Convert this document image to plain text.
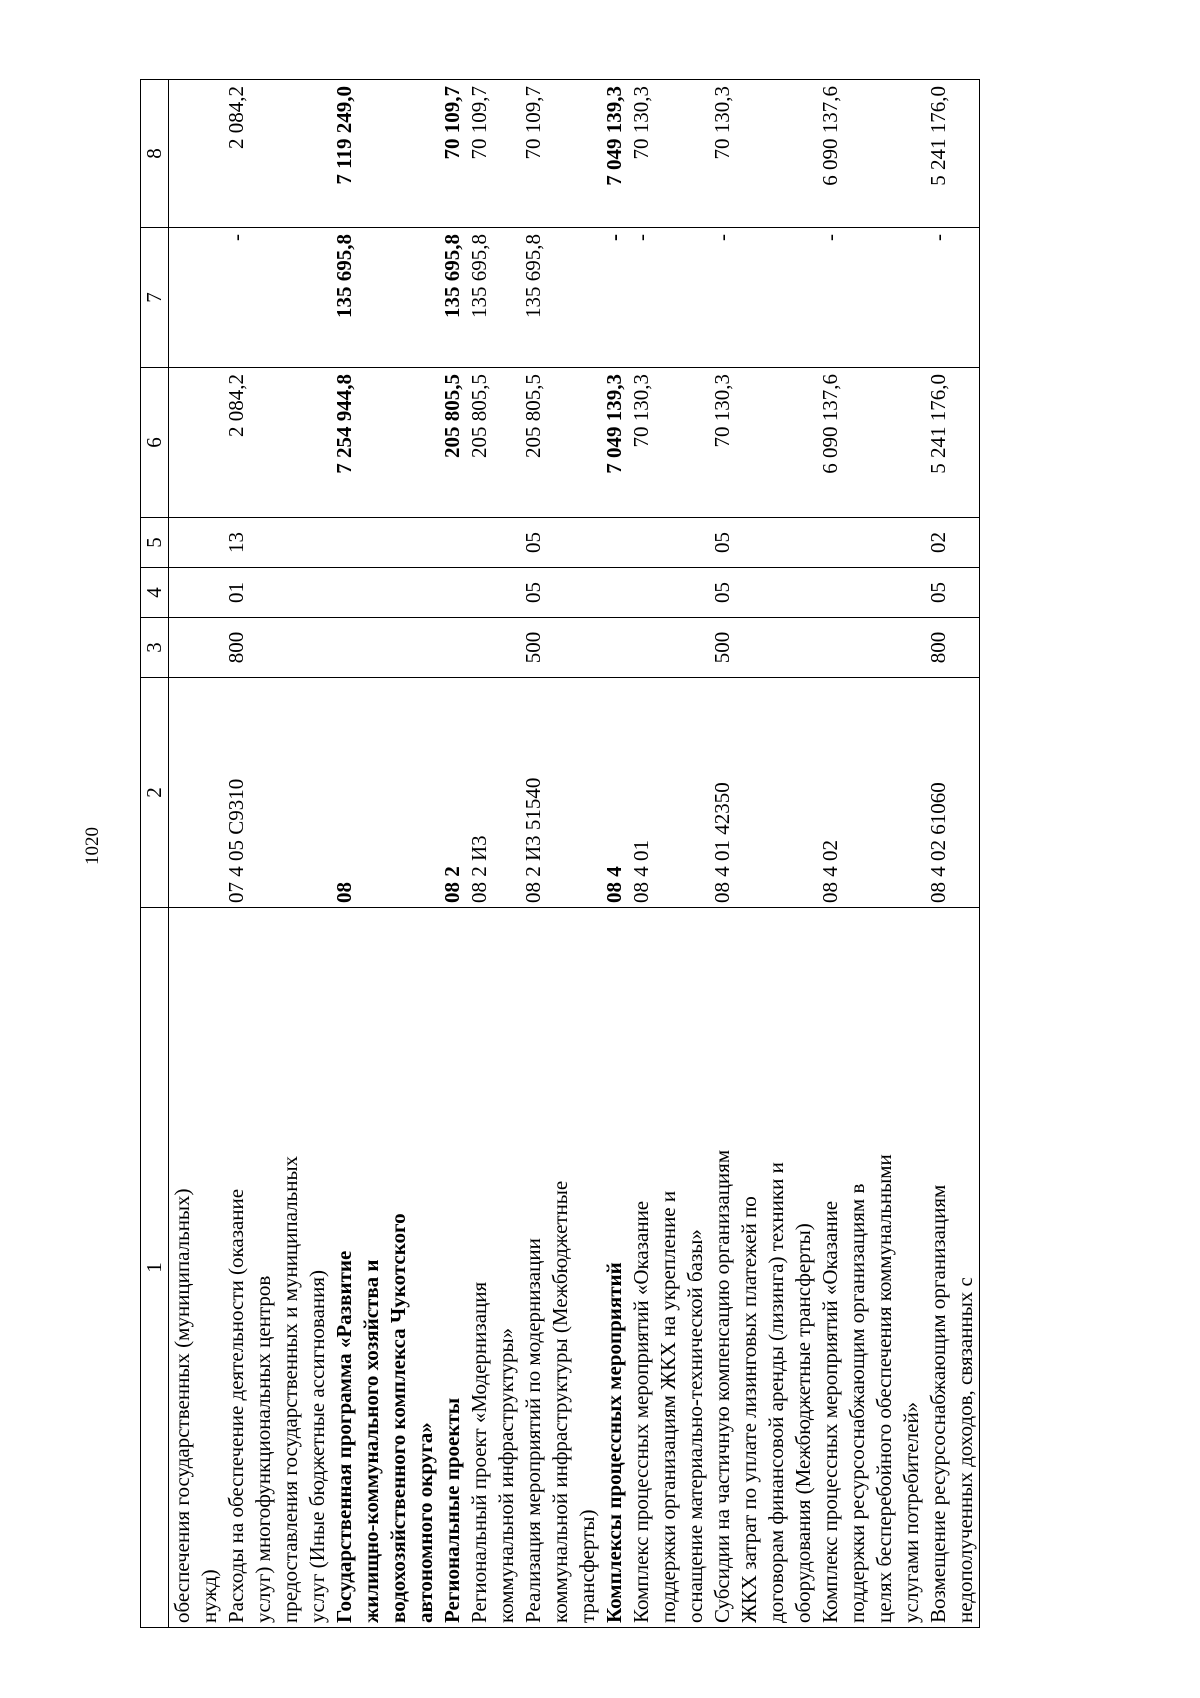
1020
1	2	3	4	5	6	7	8
обеспечения государственных (муниципальных)
нужд)							
Расходы на обеспечение деятельности (оказание
услуг) многофункциональных центров
предоставления государственных и муниципальных
услуг (Иные бюджетные ассигнования)	07 4 05 С9310	800	01	13	2 084,2	-	2 084,2
Государственная программа «Развитие
жилищно-коммунального хозяйства и
водохозяйственного комплекса Чукотского
автономного округа»	08				7 254 944,8	135 695,8	7 119 249,0
Региональные проекты	08 2				205 805,5	135 695,8	70 109,7
Региональный проект «Модернизация
коммунальной инфраструктуры»	08 2 И3				205 805,5	135 695,8	70 109,7
Реализация мероприятий по модернизации
коммунальной инфраструктуры (Межбюджетные
трансферты)	08 2 И3 51540	500	05	05	205 805,5	135 695,8	70 109,7
Комплексы процессных мероприятий	08 4				7 049 139,3	-	7 049 139,3
Комплекс процессных мероприятий «Оказание
поддержки организациям ЖКХ на укрепление и
оснащение материально-технической базы»	08 4 01				70 130,3	-	70 130,3
Субсидии на частичную компенсацию организациям
ЖКХ затрат по уплате лизинговых платежей по
договорам финансовой аренды (лизинга) техники и
оборудования (Межбюджетные трансферты)	08 4 01 42350	500	05	05	70 130,3	-	70 130,3
Комплекс процессных мероприятий «Оказание
поддержки ресурсоснабжающим организациям в
целях бесперебойного обеспечения коммунальными
услугами потребителей»	08 4 02				6 090 137,6	-	6 090 137,6
Возмещение ресурсоснабжающим организациям
недополученных доходов, связанных с	08 4 02 61060	800	05	02	5 241 176,0	-	5 241 176,0
